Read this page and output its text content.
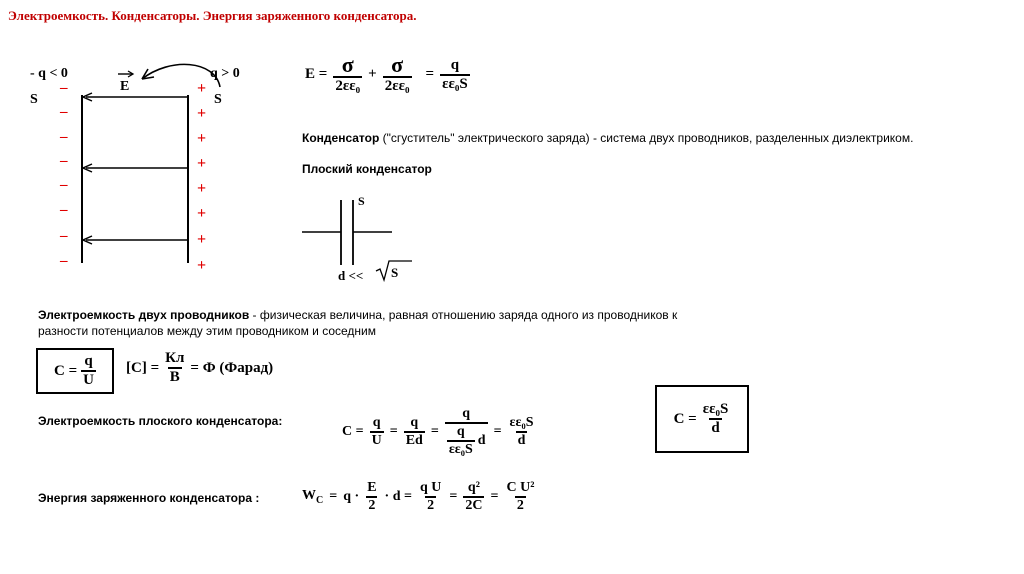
Электроемкость. Конденсаторы. Энергия заряженного конденсатора.
- q < 0	q > 0
E
S	S
–
–
–
–
–
–
–
–
+
+
+
+
+
+
+
+
$E = \frac{\sigma}{\text{2εε₀}} + \frac{\sigma}{\text{2εε₀}} = \frac{q}{\text{εε₀S}}$
Конденсатор ("сгуститель" электрического заряда) - система двух проводников, разделенных диэлектриком.
Плоский конденсатор
S
d << S
Электроемкость двух проводников - физическая величина, равная отношению заряда одного из проводников к
разности потенциалов между этим проводником и соседним
$C = \frac{q}{U} [C] = \frac{Кл}{В} = Ф$ (Фарад)
Электроемкость плоского конденсатора:
$C = \frac{q}{U} = \frac{q}{Ed} = \frac{q}{\frac{q}{\text{εε₀S}} d} = \frac{\text{εε₀S}}{d}$	$C = \frac{\text{εε₀S}}{d}$
Энергия заряженного конденсатора :	$W_C = q \cdot \frac{E}{2} \cdot d = \frac{\text{q U}}{2} = \frac{\text{q²}}{2C} = \frac{\text{C U²}}{2}$
